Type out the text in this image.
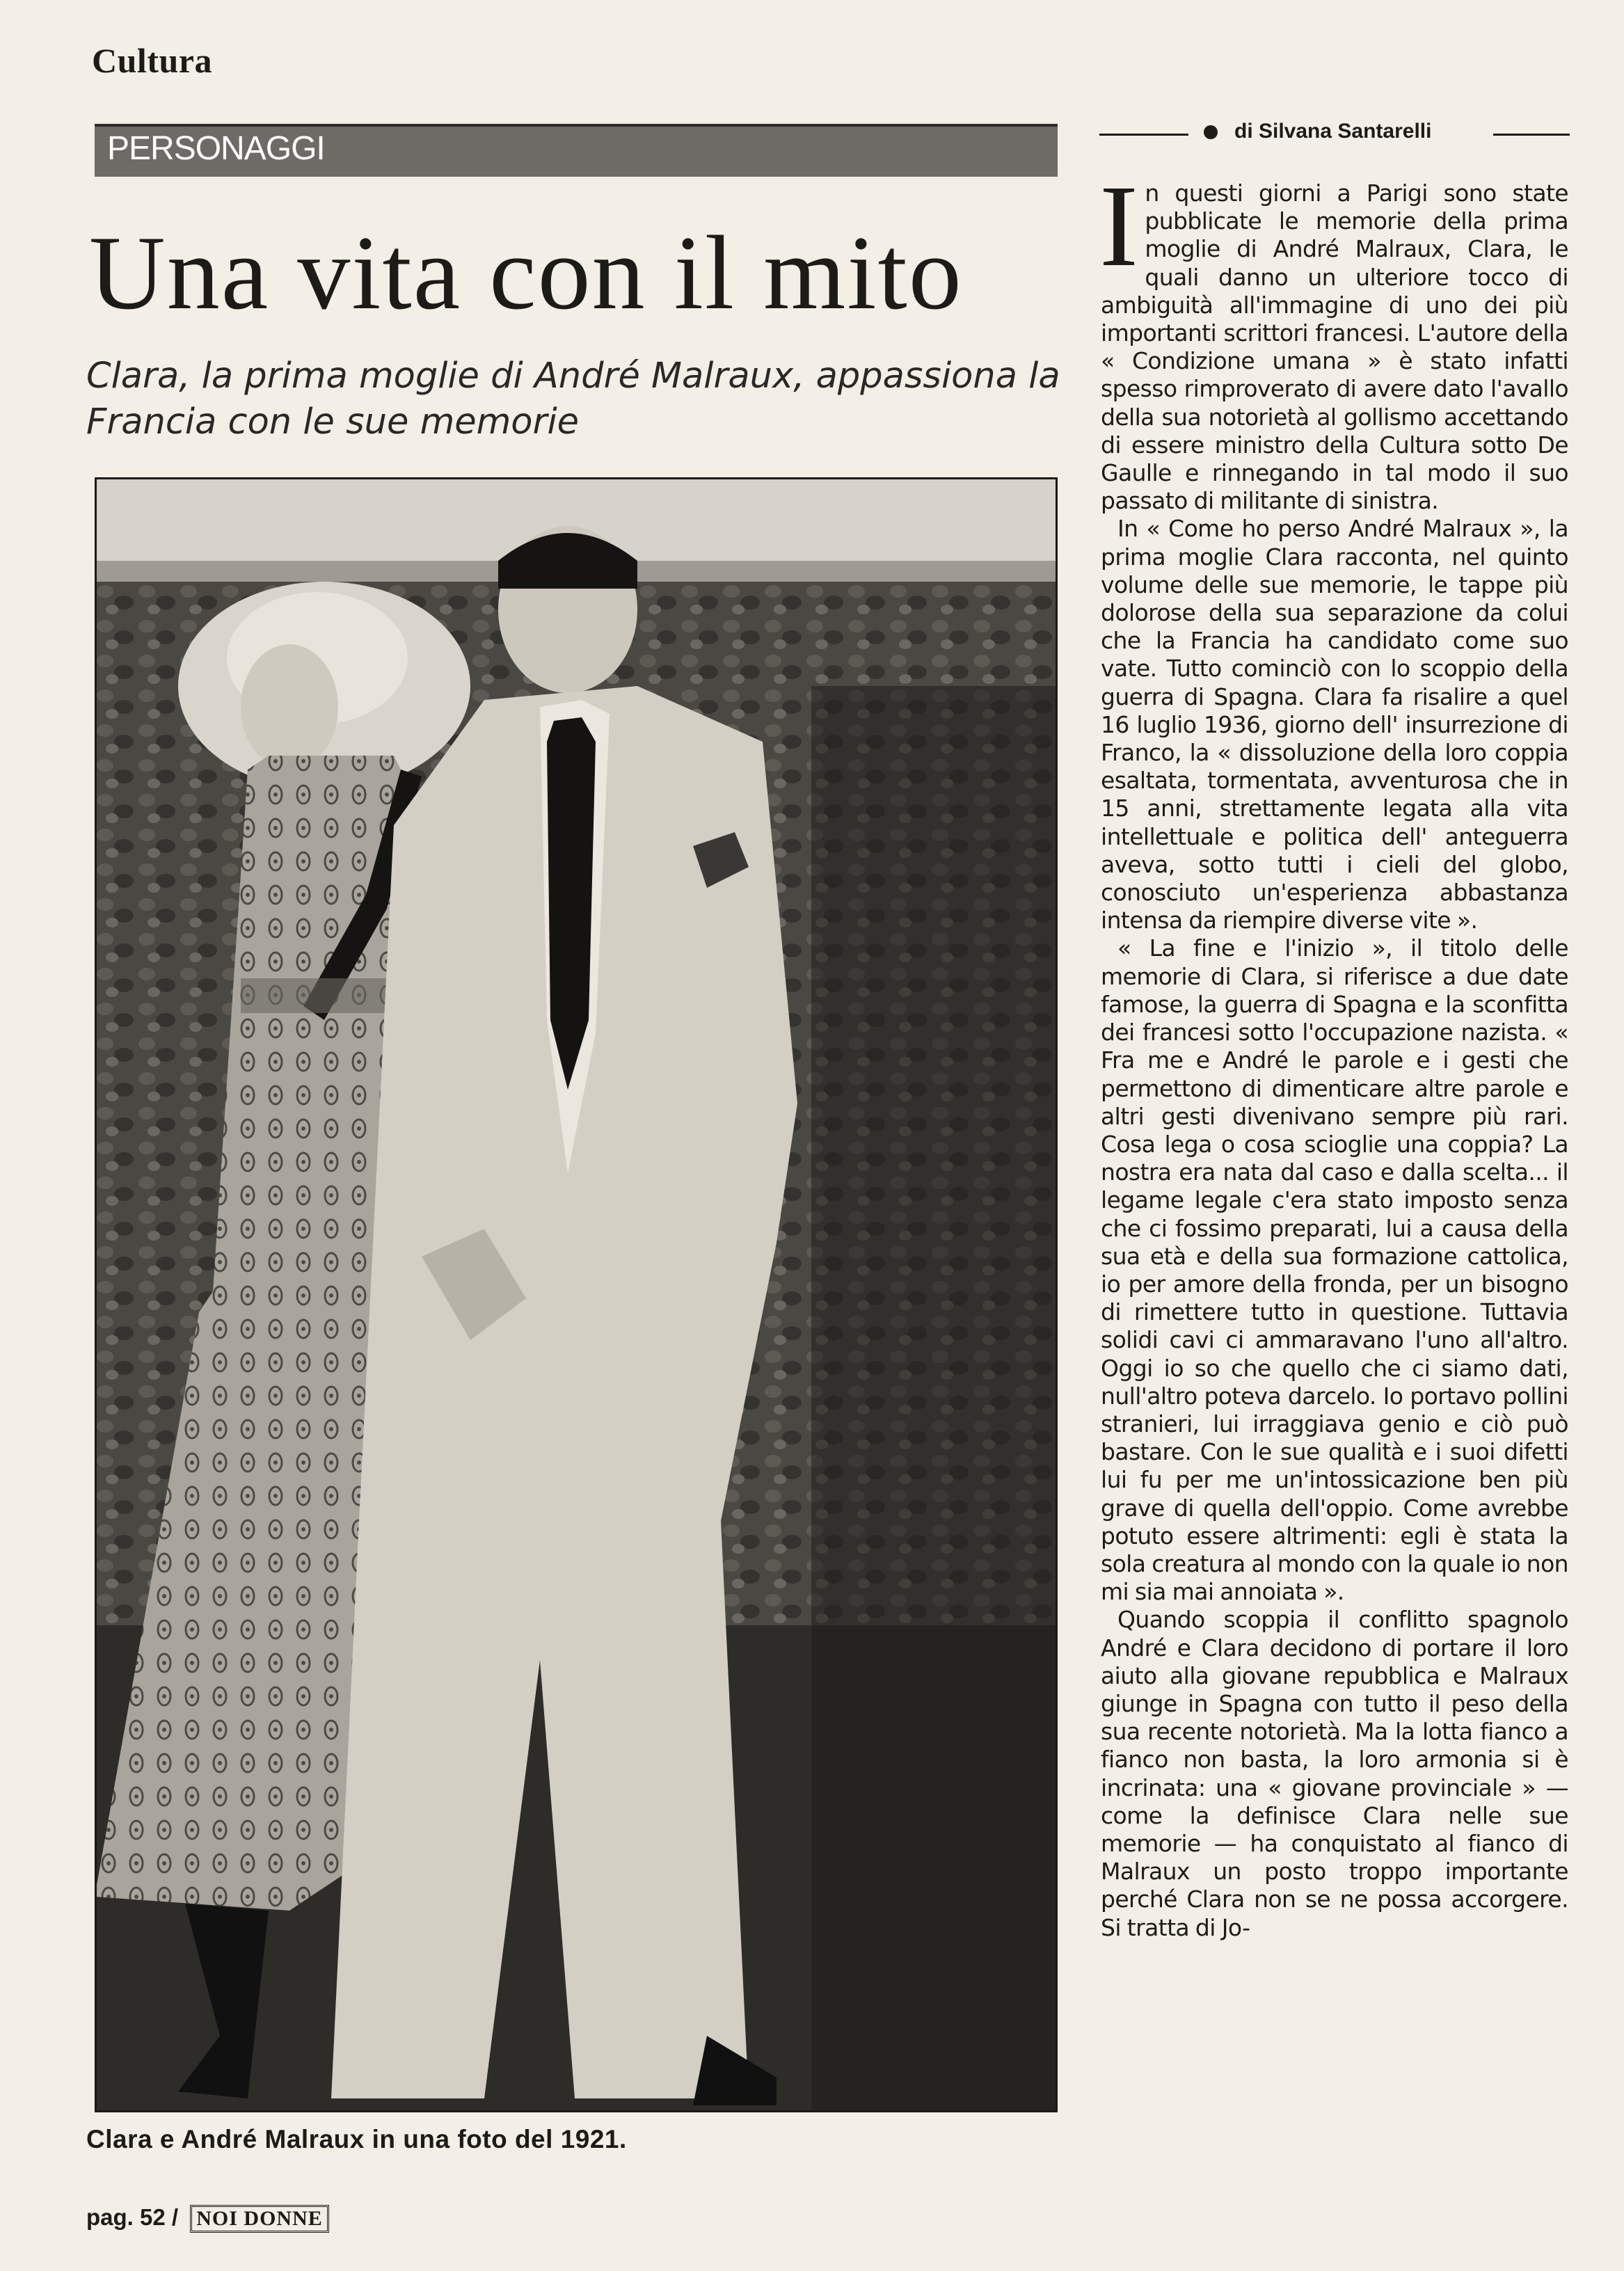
Cultura
PERSONAGGI
Una vita con il mito
Clara, la prima moglie di André Malraux, appassiona la Francia con le sue memorie
Clara e André Malraux in una foto del 1921.
pag. 52 / NOI DONNE
di Silvana Santarelli

In questi giorni a Parigi sono state pubblicate le memorie della prima moglie di André Malraux, Clara, le quali danno un ulteriore tocco di ambiguità all'immagine di uno dei più importanti scrittori francesi. L'autore della « Condizione umana » è stato infatti spesso rimproverato di avere dato l'avallo della sua notorietà al gollismo accettando di essere ministro della Cultura sotto De Gaulle e rinnegando in tal modo il suo passato di militante di sinistra.

In « Come ho perso André Malraux », la prima moglie Clara racconta, nel quinto volume delle sue memorie, le tappe più dolorose della sua separazione da colui che la Francia ha candidato come suo vate. Tutto cominciò con lo scoppio della guerra di Spagna. Clara fa risalire a quel 16 luglio 1936, giorno dell' insurrezione di Franco, la « dissoluzione della loro coppia esaltata, tormentata, avventurosa che in 15 anni, strettamente legata alla vita intellettuale e politica dell' anteguerra aveva, sotto tutti i cieli del globo, conosciuto un'esperienza abbastanza intensa da riempire diverse vite ».

« La fine e l'inizio », il titolo delle memorie di Clara, si riferisce a due date famose, la guerra di Spagna e la sconfitta dei francesi sotto l'occupazione nazista. « Fra me e André le parole e i gesti che permettono di dimenticare altre parole e altri gesti divenivano sempre più rari. Cosa lega o cosa scioglie una coppia? La nostra era nata dal caso e dalla scelta... il legame legale c'era stato imposto senza che ci fossimo preparati, lui a causa della sua età e della sua formazione cattolica, io per amore della fronda, per un bisogno di rimettere tutto in questione. Tuttavia solidi cavi ci ammaravano l'uno all'altro. Oggi io so che quello che ci siamo dati, null'altro poteva darcelo. Io portavo pollini stranieri, lui irraggiava genio e ciò può bastare. Con le sue qualità e i suoi difetti lui fu per me un'intossicazione ben più grave di quella dell'oppio. Come avrebbe potuto essere altrimenti: egli è stata la sola creatura al mondo con la quale io non mi sia mai annoiata ».

Quando scoppia il conflitto spagnolo André e Clara decidono di portare il loro aiuto alla giovane repubblica e Malraux giunge in Spagna con tutto il peso della sua recente notorietà. Ma la lotta fianco a fianco non basta, la loro armonia si è incrinata: una « giovane provinciale » — come la definisce Clara nelle sue memorie — ha conquistato al fianco di Malraux un posto troppo importante perché Clara non se ne possa accorgere. Si tratta di Jo-
